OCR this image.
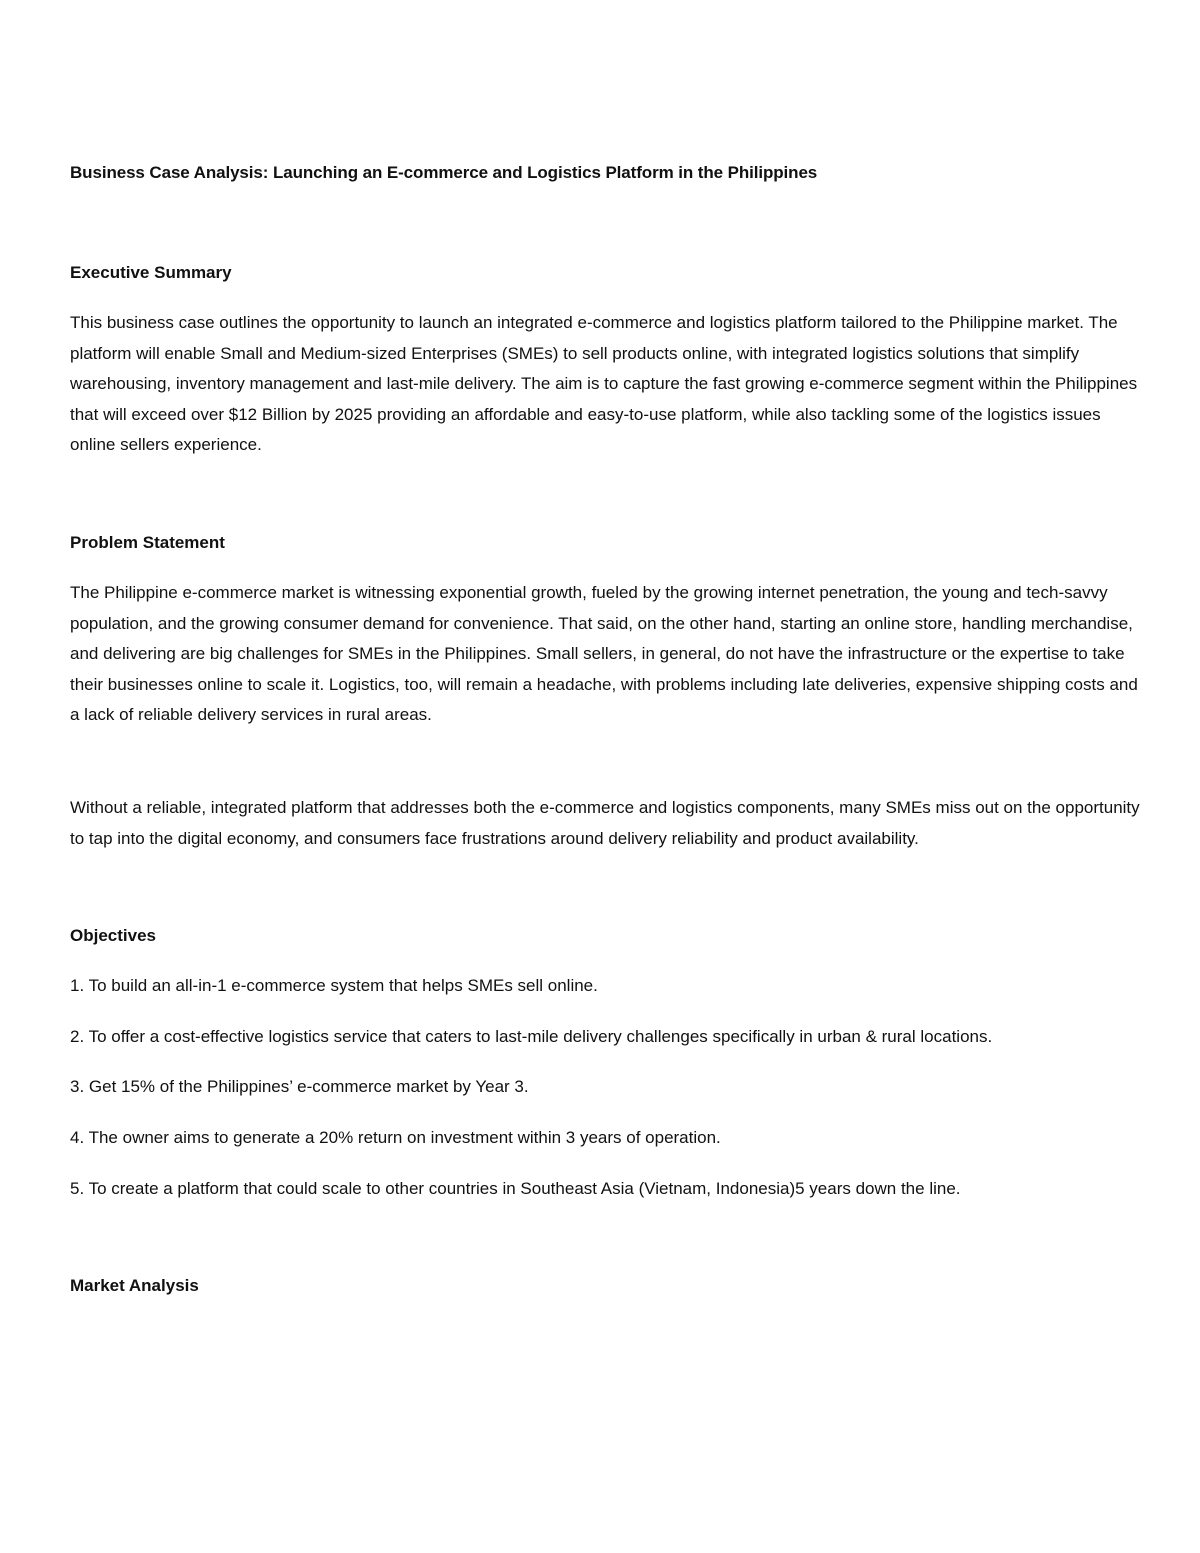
Business Case Analysis: Launching an E-commerce and Logistics Platform in the Philippines
Executive Summary

This business case outlines the opportunity to launch an integrated e-commerce and logistics platform tailored to the Philippine market. The platform will enable Small and Medium-sized Enterprises (SMEs) to sell products online, with integrated logistics solutions that simplify warehousing, inventory management and last-mile delivery. The aim is to capture the fast growing e-commerce segment within the Philippines that will exceed over $12 Billion by 2025 providing an affordable and easy-to-use platform, while also tackling some of the logistics issues online sellers experience.

Problem Statement

The Philippine e-commerce market is witnessing exponential growth, fueled by the growing internet penetration, the young and tech-savvy population, and the growing consumer demand for convenience. That said, on the other hand, starting an online store, handling merchandise, and delivering are big challenges for SMEs in the Philippines. Small sellers, in general, do not have the infrastructure or the expertise to take their businesses online to scale it. Logistics, too, will remain a headache, with problems including late deliveries, expensive shipping costs and a lack of reliable delivery services in rural areas.

Without a reliable, integrated platform that addresses both the e-commerce and logistics components, many SMEs miss out on the opportunity to tap into the digital economy, and consumers face frustrations around delivery reliability and product availability.

Objectives

1. To build an all-in-1 e-commerce system that helps SMEs sell online.

2. To offer a cost-effective logistics service that caters to last-mile delivery challenges specifically in urban & rural locations.

3. Get 15% of the Philippines’ e-commerce market by Year 3.

4. The owner aims to generate a 20% return on investment within 3 years of operation.

5. To create a platform that could scale to other countries in Southeast Asia (Vietnam, Indonesia)5 years down the line.

Market Analysis
